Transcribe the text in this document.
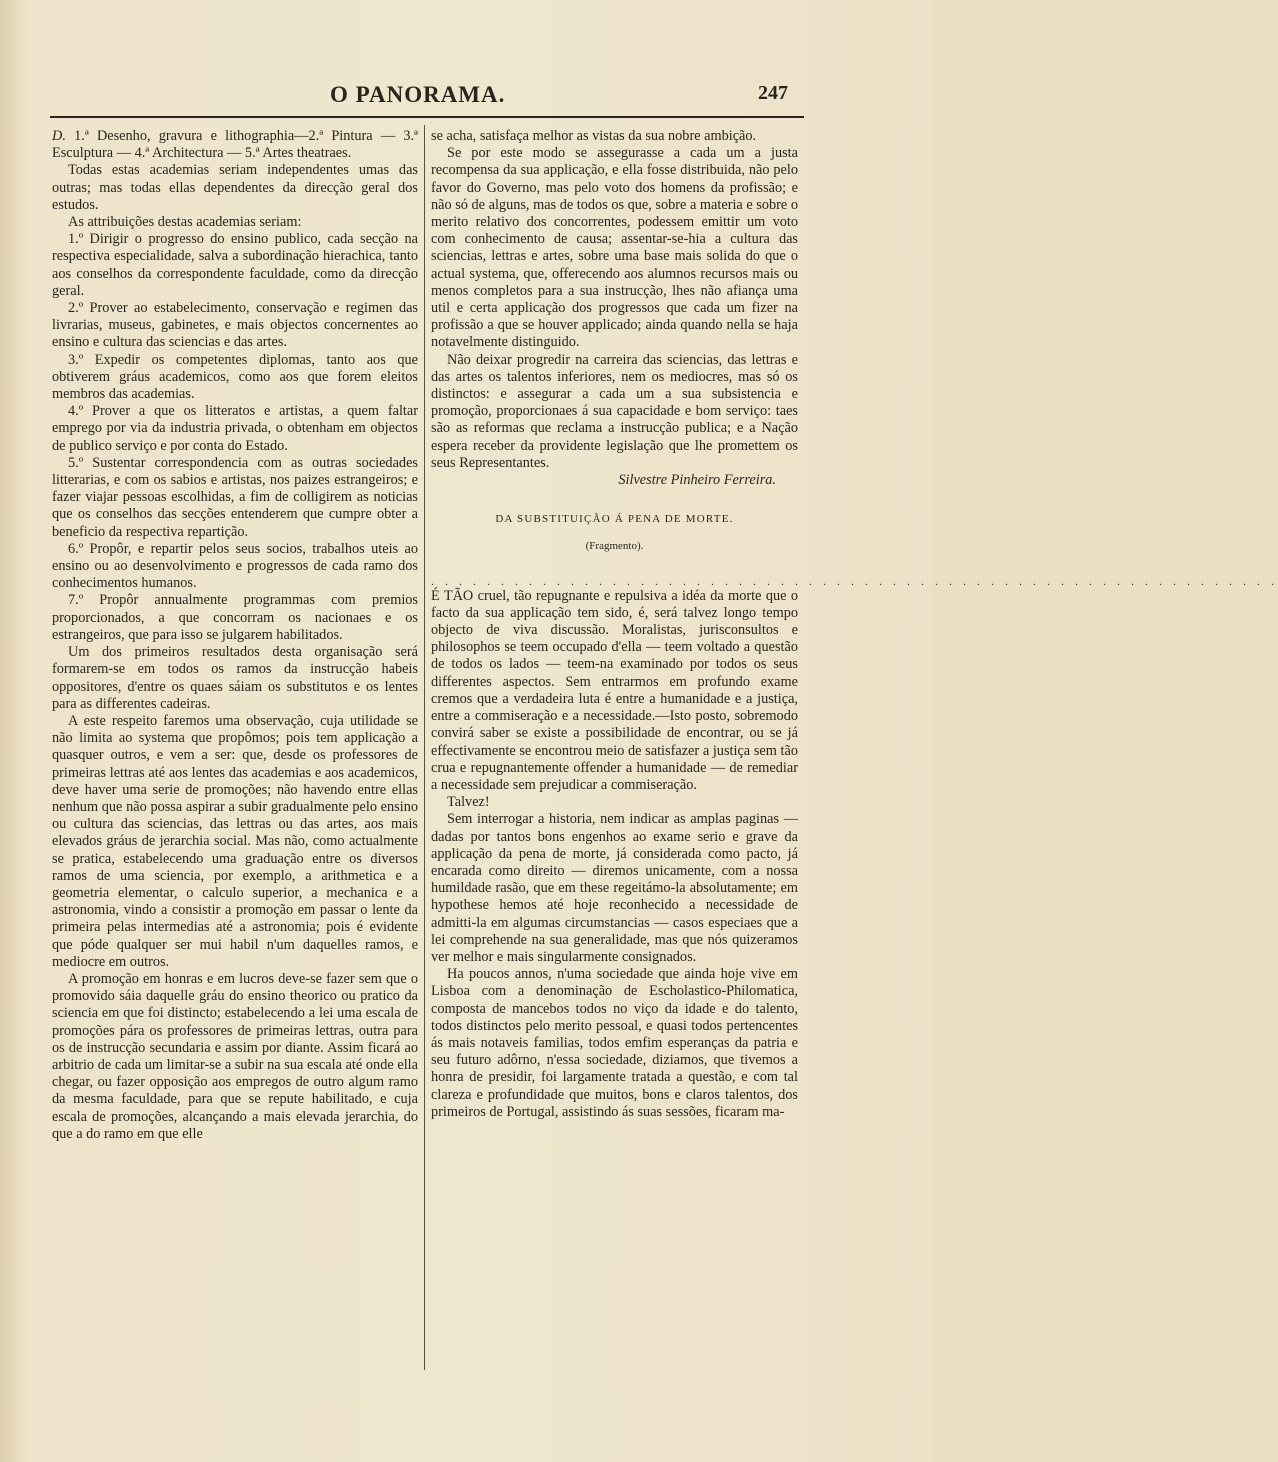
O PANORAMA.	247

D. 1.ª Desenho, gravura e lithographia—2.ª Pintura — 3.ª Esculptura — 4.ª Architectura — 5.ª Artes theatraes.

Todas estas academias seriam independentes umas das outras; mas todas ellas dependentes da direcção geral dos estudos.

As attribuições destas academias seriam:

1.º Dirigir o progresso do ensino publico, cada secção na respectiva especialidade, salva a subordinação hierachica, tanto aos conselhos da correspondente faculdade, como da direcção geral.

2.º Prover ao estabelecimento, conservação e regimen das livrarias, museus, gabinetes, e mais objectos concernentes ao ensino e cultura das sciencias e das artes.

3.º Expedir os competentes diplomas, tanto aos que obtiverem gráus academicos, como aos que forem eleitos membros das academias.

4.º Prover a que os litteratos e artistas, a quem faltar emprego por via da industria privada, o obtenham em objectos de publico serviço e por conta do Estado.

5.º Sustentar correspondencia com as outras sociedades litterarias, e com os sabios e artistas, nos paizes estrangeiros; e fazer viajar pessoas escolhidas, a fim de colligirem as noticias que os conselhos das secções entenderem que cumpre obter a beneficio da respectiva repartição.

6.º Propôr, e repartir pelos seus socios, trabalhos uteis ao ensino ou ao desenvolvimento e progressos de cada ramo dos conhecimentos humanos.

7.º Propôr annualmente programmas com premios proporcionados, a que concorram os nacionaes e os estrangeiros, que para isso se julgarem habilitados.

Um dos primeiros resultados desta organisação será formarem-se em todos os ramos da instrucção habeis oppositores, d'entre os quaes sáiam os substitutos e os lentes para as differentes cadeiras.

A este respeito faremos uma observação, cuja utilidade se não limita ao systema que propômos; pois tem applicação a quasquer outros, e vem a ser: que, desde os professores de primeiras lettras até aos lentes das academias e aos academicos, deve haver uma serie de promoções; não havendo entre ellas nenhum que não possa aspirar a subir gradualmente pelo ensino ou cultura das sciencias, das lettras ou das artes, aos mais elevados gráus de jerarchia social. Mas não, como actualmente se pratica, estabelecendo uma graduação entre os diversos ramos de uma sciencia, por exemplo, a arithmetica e a geometria elementar, o calculo superior, a mechanica e a astronomia, vindo a consistir a promoção em passar o lente da primeira pelas intermedias até a astronomia; pois é evidente que póde qualquer ser mui habil n'um daquelles ramos, e mediocre em outros.

A promoção em honras e em lucros deve-se fazer sem que o promovido sáia daquelle gráu do ensino theorico ou pratico da sciencia em que foi distincto; estabelecendo a lei uma escala de promoções pára os professores de primeiras lettras, outra para os de instrucção secundaria e assim por diante. Assim ficará ao arbitrio de cada um limitar-se a subir na sua escala até onde ella chegar, ou fazer opposição aos empregos de outro algum ramo da mesma faculdade, para que se repute habilitado, e cuja escala de promoções, alcançando a mais elevada jerarchia, do que a do ramo em que elle

se acha, satisfaça melhor as vistas da sua nobre ambição.

Se por este modo se assegurasse a cada um a justa recompensa da sua applicação, e ella fosse distribuida, não pelo favor do Governo, mas pelo voto dos homens da profissão; e não só de alguns, mas de todos os que, sobre a materia e sobre o merito relativo dos concorrentes, podessem emittir um voto com conhecimento de causa; assentar-se-hia a cultura das sciencias, lettras e artes, sobre uma base mais solida do que o actual systema, que, offerecendo aos alumnos recursos mais ou menos completos para a sua instrucção, lhes não afiança uma util e certa applicação dos progressos que cada um fizer na profissão a que se houver applicado; ainda quando nella se haja notavelmente distinguido.

Não deixar progredir na carreira das sciencias, das lettras e das artes os talentos inferiores, nem os mediocres, mas só os distinctos: e assegurar a cada um a sua subsistencia e promoção, proporcionaes á sua capacidade e bom serviço: taes são as reformas que reclama a instrucção publica; e a Nação espera receber da providente legislação que lhe promettem os seus Representantes.

Silvestre Pinheiro Ferreira.

DA SUBSTITUIÇÃO Á PENA DE MORTE.
(Fragmento).
. . . . . . . . . . . . . . . . . . . . . . . . . . . . . . . . . . . . . . . . . . . . . . . . . . . . . . . . . . . . .

É TÃO cruel, tão repugnante e repulsiva a idéa da morte que o facto da sua applicação tem sido, é, será talvez longo tempo objecto de viva discussão. Moralistas, jurisconsultos e philosophos se teem occupado d'ella — teem voltado a questão de todos os lados — teem-na examinado por todos os seus differentes aspectos. Sem entrarmos em profundo exame cremos que a verdadeira luta é entre a humanidade e a justiça, entre a commiseração e a necessidade.—Isto posto, sobremodo convirá saber se existe a possibilidade de encontrar, ou se já effectivamente se encontrou meio de satisfazer a justiça sem tão crua e repugnantemente offender a humanidade — de remediar a necessidade sem prejudicar a commiseração.

Talvez!

Sem interrogar a historia, nem indicar as amplas paginas — dadas por tantos bons engenhos ao exame serio e grave da applicação da pena de morte, já considerada como pacto, já encarada como direito — diremos unicamente, com a nossa humildade rasão, que em these regeitámo-la absolutamente; em hypothese hemos até hoje reconhecido a necessidade de admitti-la em algumas circumstancias — casos especiaes que a lei comprehende na sua generalidade, mas que nós quizeramos ver melhor e mais singularmente consignados.

Ha poucos annos, n'uma sociedade que ainda hoje vive em Lisboa com a denominação de Escholastico-Philomatica, composta de mancebos todos no viço da idade e do talento, todos distinctos pelo merito pessoal, e quasi todos pertencentes ás mais notaveis familias, todos emfim esperanças da patria e seu futuro adôrno, n'essa sociedade, diziamos, que tivemos a honra de presidir, foi largamente tratada a questão, e com tal clareza e profundidade que muitos, bons e claros talentos, dos primeiros de Portugal, assistindo ás suas sessões, ficaram ma-
